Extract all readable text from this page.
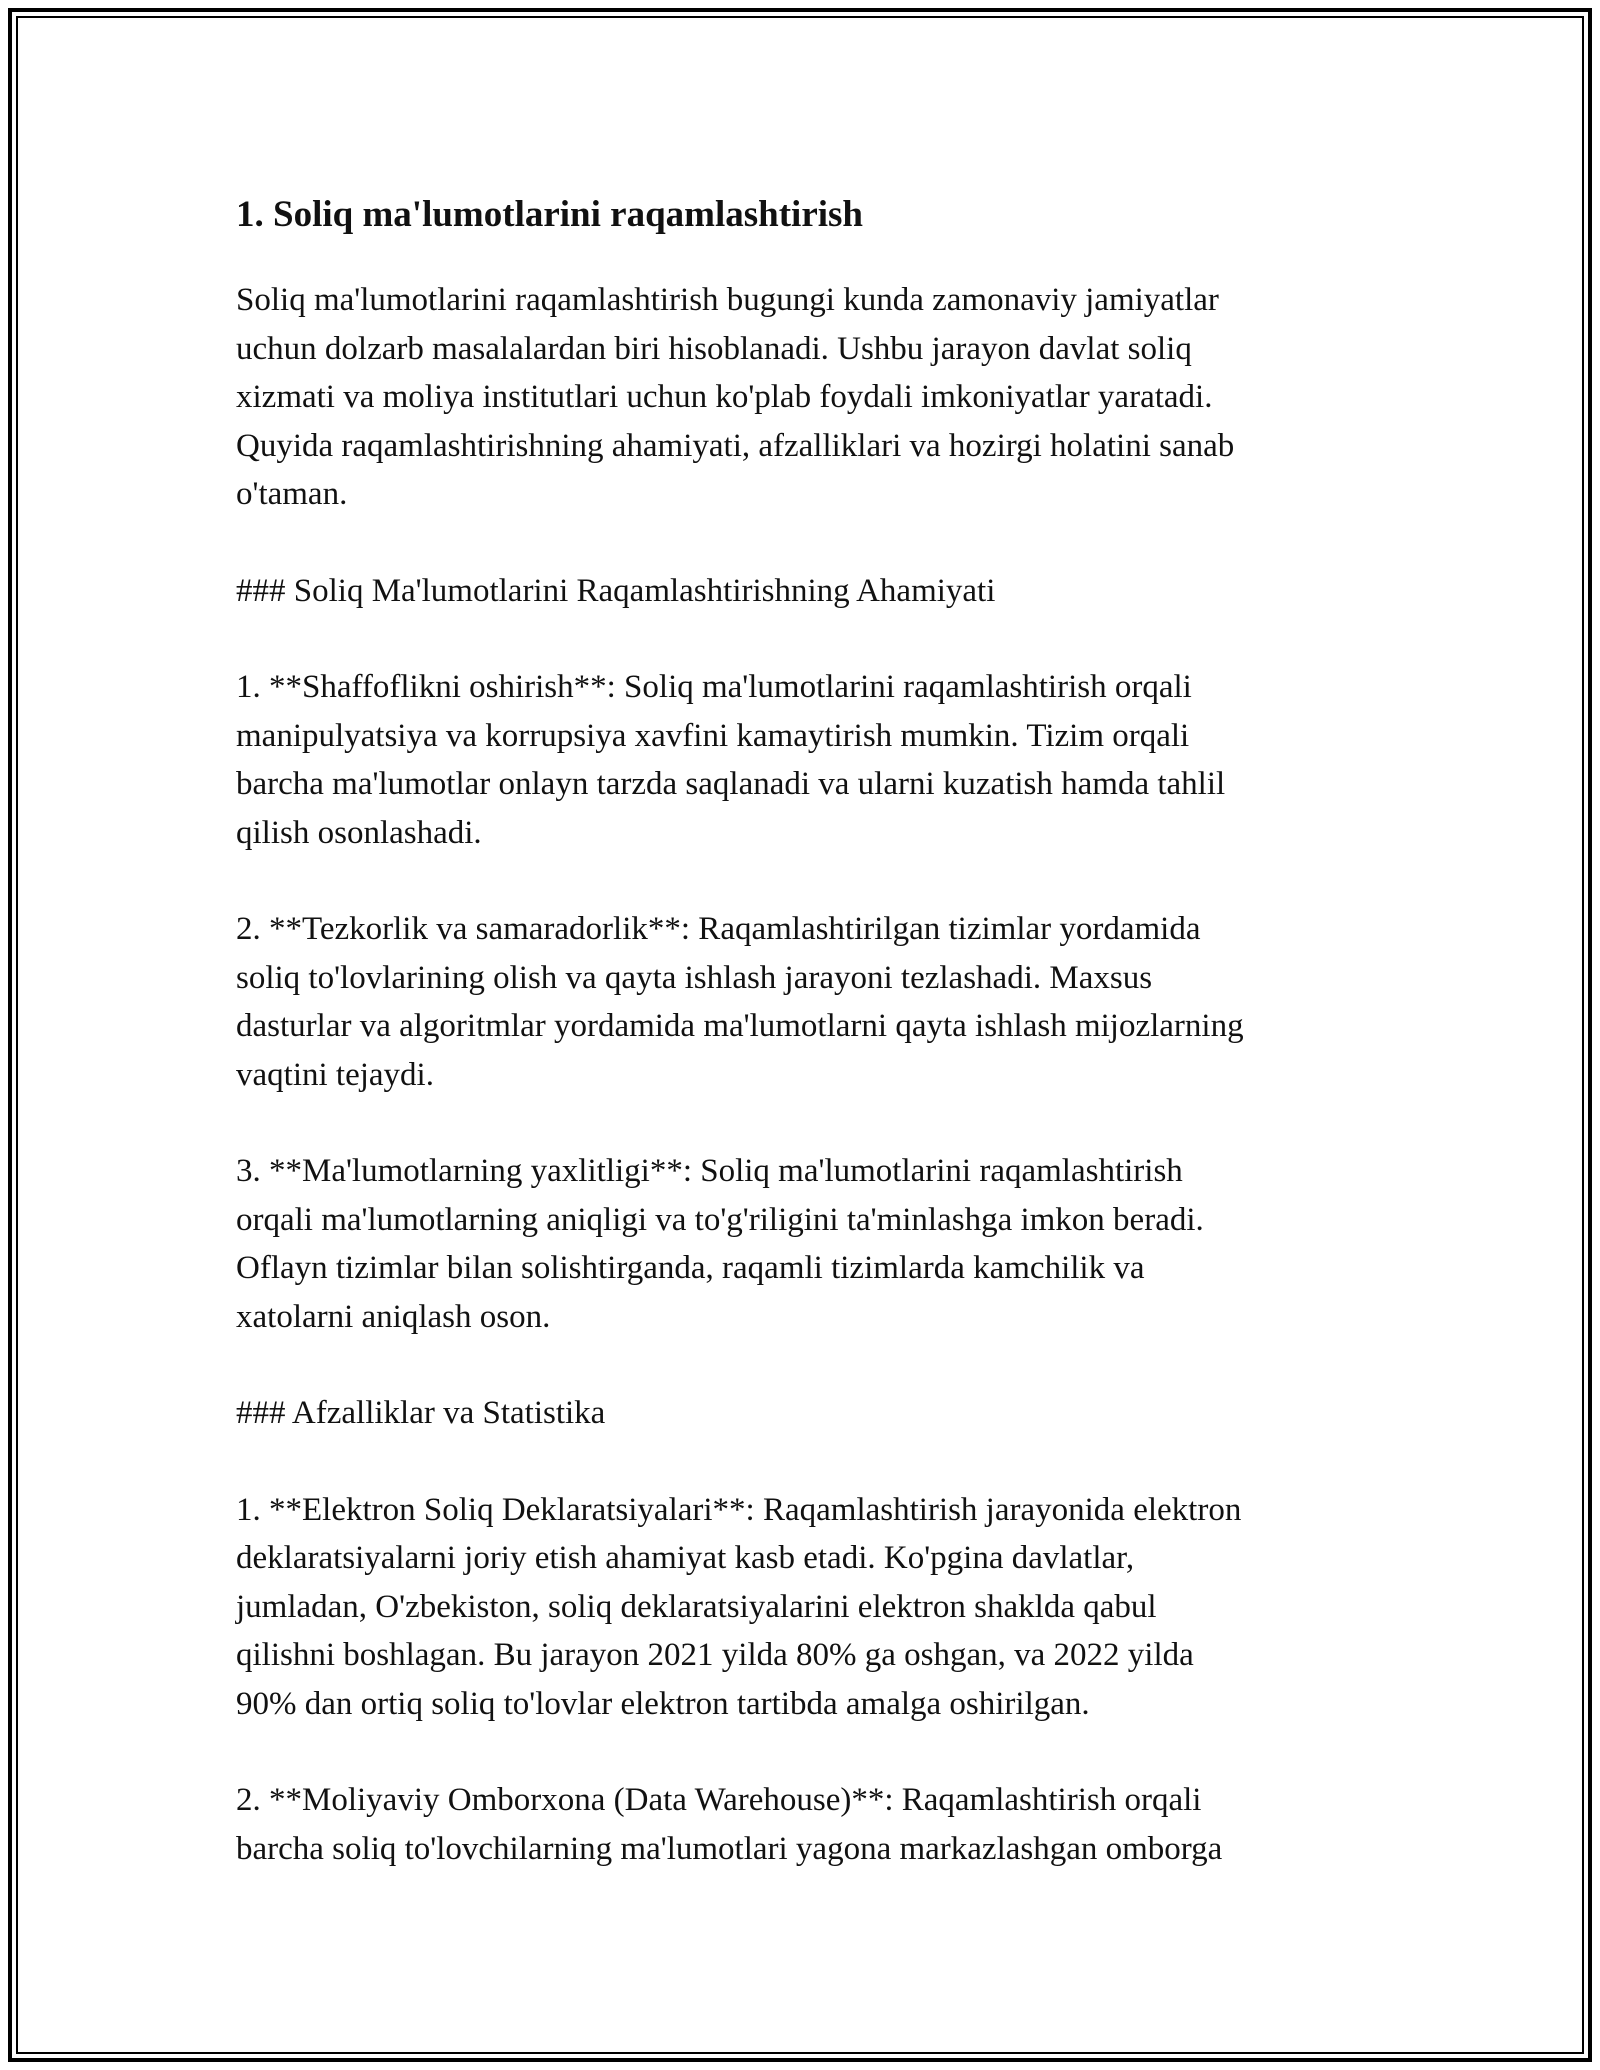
1. Soliq ma'lumotlarini raqamlashtirish

Soliq ma'lumotlarini raqamlashtirish bugungi kunda zamonaviy jamiyatlar
uchun dolzarb masalalardan biri hisoblanadi. Ushbu jarayon davlat soliq
xizmati va moliya institutlari uchun ko'plab foydali imkoniyatlar yaratadi.
Quyida raqamlashtirishning ahamiyati, afzalliklari va hozirgi holatini sanab
o'taman.

### Soliq Ma'lumotlarini Raqamlashtirishning Ahamiyati

1. **Shaffoflikni oshirish**: Soliq ma'lumotlarini raqamlashtirish orqali
manipulyatsiya va korrupsiya xavfini kamaytirish mumkin. Tizim orqali
barcha ma'lumotlar onlayn tarzda saqlanadi va ularni kuzatish hamda tahlil
qilish osonlashadi.

2. **Tezkorlik va samaradorlik**: Raqamlashtirilgan tizimlar yordamida
soliq to'lovlarining olish va qayta ishlash jarayoni tezlashadi. Maxsus
dasturlar va algoritmlar yordamida ma'lumotlarni qayta ishlash mijozlarning
vaqtini tejaydi.

3. **Ma'lumotlarning yaxlitligi**: Soliq ma'lumotlarini raqamlashtirish
orqali ma'lumotlarning aniqligi va to'g'riligini ta'minlashga imkon beradi.
Oflayn tizimlar bilan solishtirganda, raqamli tizimlarda kamchilik va
xatolarni aniqlash oson.

### Afzalliklar va Statistika

1. **Elektron Soliq Deklaratsiyalari**: Raqamlashtirish jarayonida elektron
deklaratsiyalarni joriy etish ahamiyat kasb etadi. Ko'pgina davlatlar,
jumladan, O'zbekiston, soliq deklaratsiyalarini elektron shaklda qabul
qilishni boshlagan. Bu jarayon 2021 yilda 80% ga oshgan, va 2022 yilda
90% dan ortiq soliq to'lovlar elektron tartibda amalga oshirilgan.

2. **Moliyaviy Omborxona (Data Warehouse)**: Raqamlashtirish orqali
barcha soliq to'lovchilarning ma'lumotlari yagona markazlashgan omborga
